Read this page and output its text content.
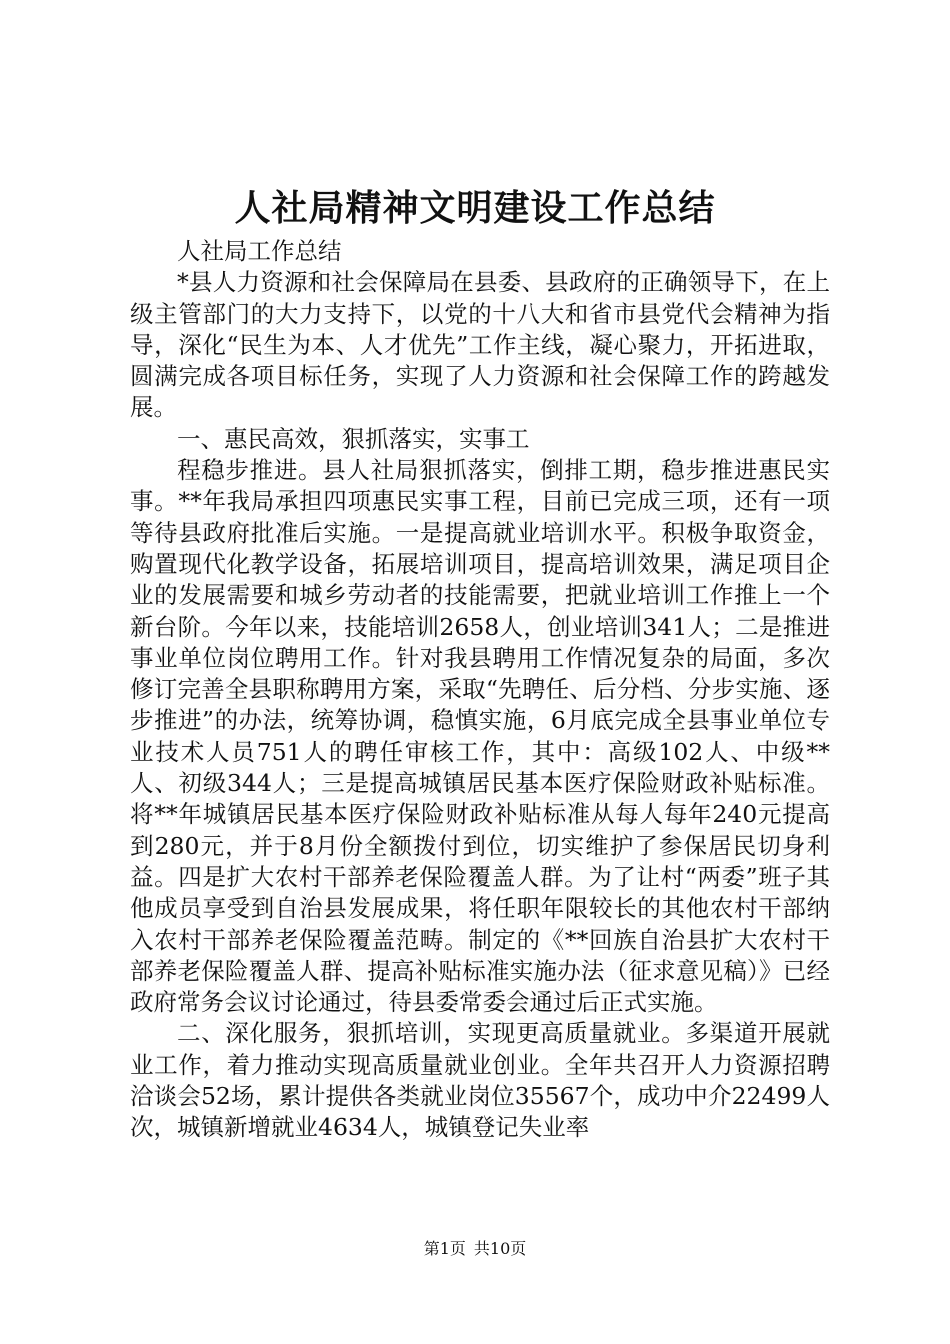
人社局精神文明建设工作总结

人社局工作总结

*县人力资源和社会保障局在县委、县政府的正确领导下，在上级主管部门的大力支持下，以党的十八大和省市县党代会精神为指导，深化“民生为本、人才优先”工作主线，凝心聚力，开拓进取，圆满完成各项目标任务，实现了人力资源和社会保障工作的跨越发展。

一、惠民高效，狠抓落实，实事工

程稳步推进。县人社局狠抓落实，倒排工期，稳步推进惠民实事。**年我局承担四项惠民实事工程，目前已完成三项，还有一项等待县政府批准后实施。一是提高就业培训水平。积极争取资金，购置现代化教学设备，拓展培训项目，提高培训效果，满足项目企业的发展需要和城乡劳动者的技能需要，把就业培训工作推上一个新台阶。今年以来，技能培训2658人，创业培训341人；二是推进事业单位岗位聘用工作。针对我县聘用工作情况复杂的局面，多次修订完善全县职称聘用方案，采取“先聘任、后分档、分步实施、逐步推进”的办法，统筹协调，稳慎实施，6月底完成全县事业单位专业技术人员751人的聘任审核工作，其中：高级102人、中级**人、初级344人；三是提高城镇居民基本医疗保险财政补贴标准。将**年城镇居民基本医疗保险财政补贴标准从每人每年240元提高到280元，并于8月份全额拨付到位，切实维护了参保居民切身利益。四是扩大农村干部养老保险覆盖人群。为了让村“两委”班子其他成员享受到自治县发展成果，将任职年限较长的其他农村干部纳入农村干部养老保险覆盖范畴。制定的《**回族自治县扩大农村干部养老保险覆盖人群、提高补贴标准实施办法（征求意见稿）》已经政府常务会议讨论通过，待县委常委会通过后正式实施。

二、深化服务，狠抓培训，实现更高质量就业。多渠道开展就业工作，着力推动实现高质量就业创业。全年共召开人力资源招聘洽谈会52场，累计提供各类就业岗位35567个，成功中介22499人次，城镇新增就业4634人，城镇登记失业率

第1页 共10页
